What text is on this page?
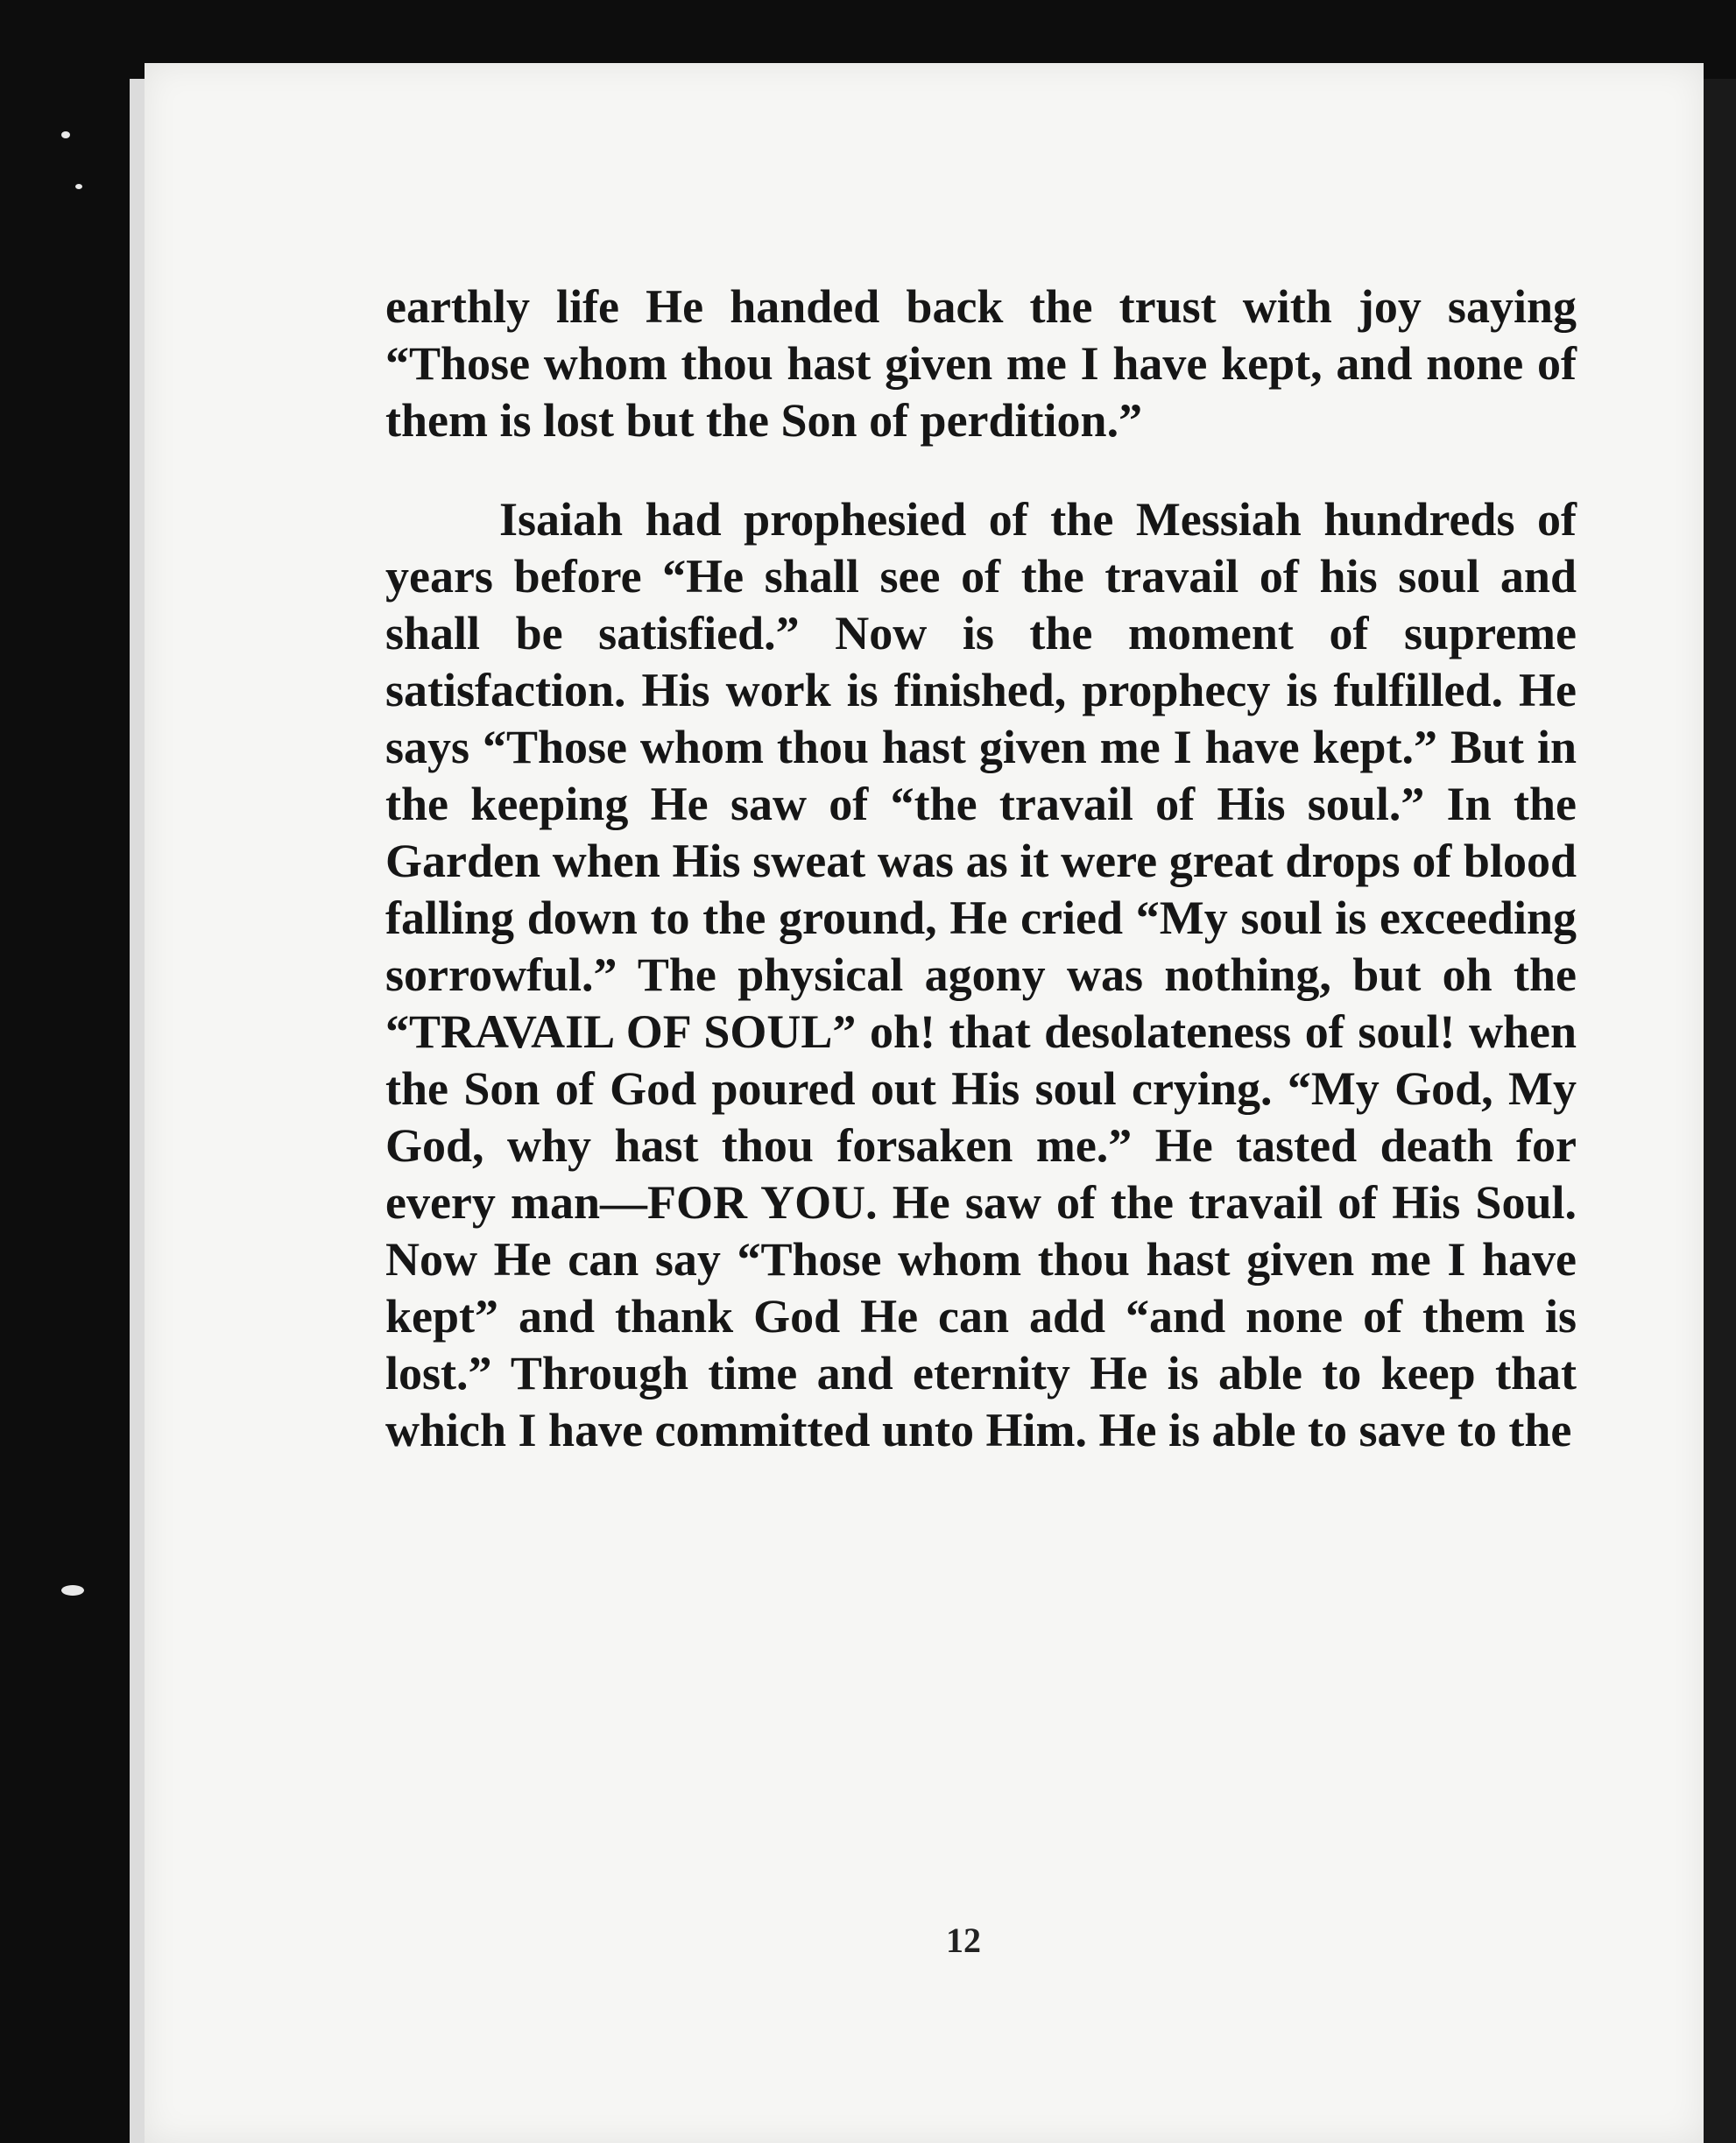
earthly life He handed back the trust with joy saying “Those whom thou hast given me I have kept, and none of them is lost but the Son of perdition.”

Isaiah had prophesied of the Messiah hundreds of years before “He shall see of the travail of his soul and shall be satisfied.” Now is the moment of supreme satisfaction. His work is finished, prophecy is fulfilled. He says “Those whom thou hast given me I have kept.” But in the keeping He saw of “the travail of His soul.” In the Garden when His sweat was as it were great drops of blood falling down to the ground, He cried “My soul is exceeding sorrowful.” The physical agony was nothing, but oh the “TRAVAIL OF SOUL” oh! that desolateness of soul! when the Son of God poured out His soul crying. “My God, My God, why hast thou forsaken me.” He tasted death for every man—FOR YOU. He saw of the travail of His Soul. Now He can say “Those whom thou hast given me I have kept” and thank God He can add “and none of them is lost.” Through time and eternity He is able to keep that which I have committed unto Him. He is able to save to the

12
